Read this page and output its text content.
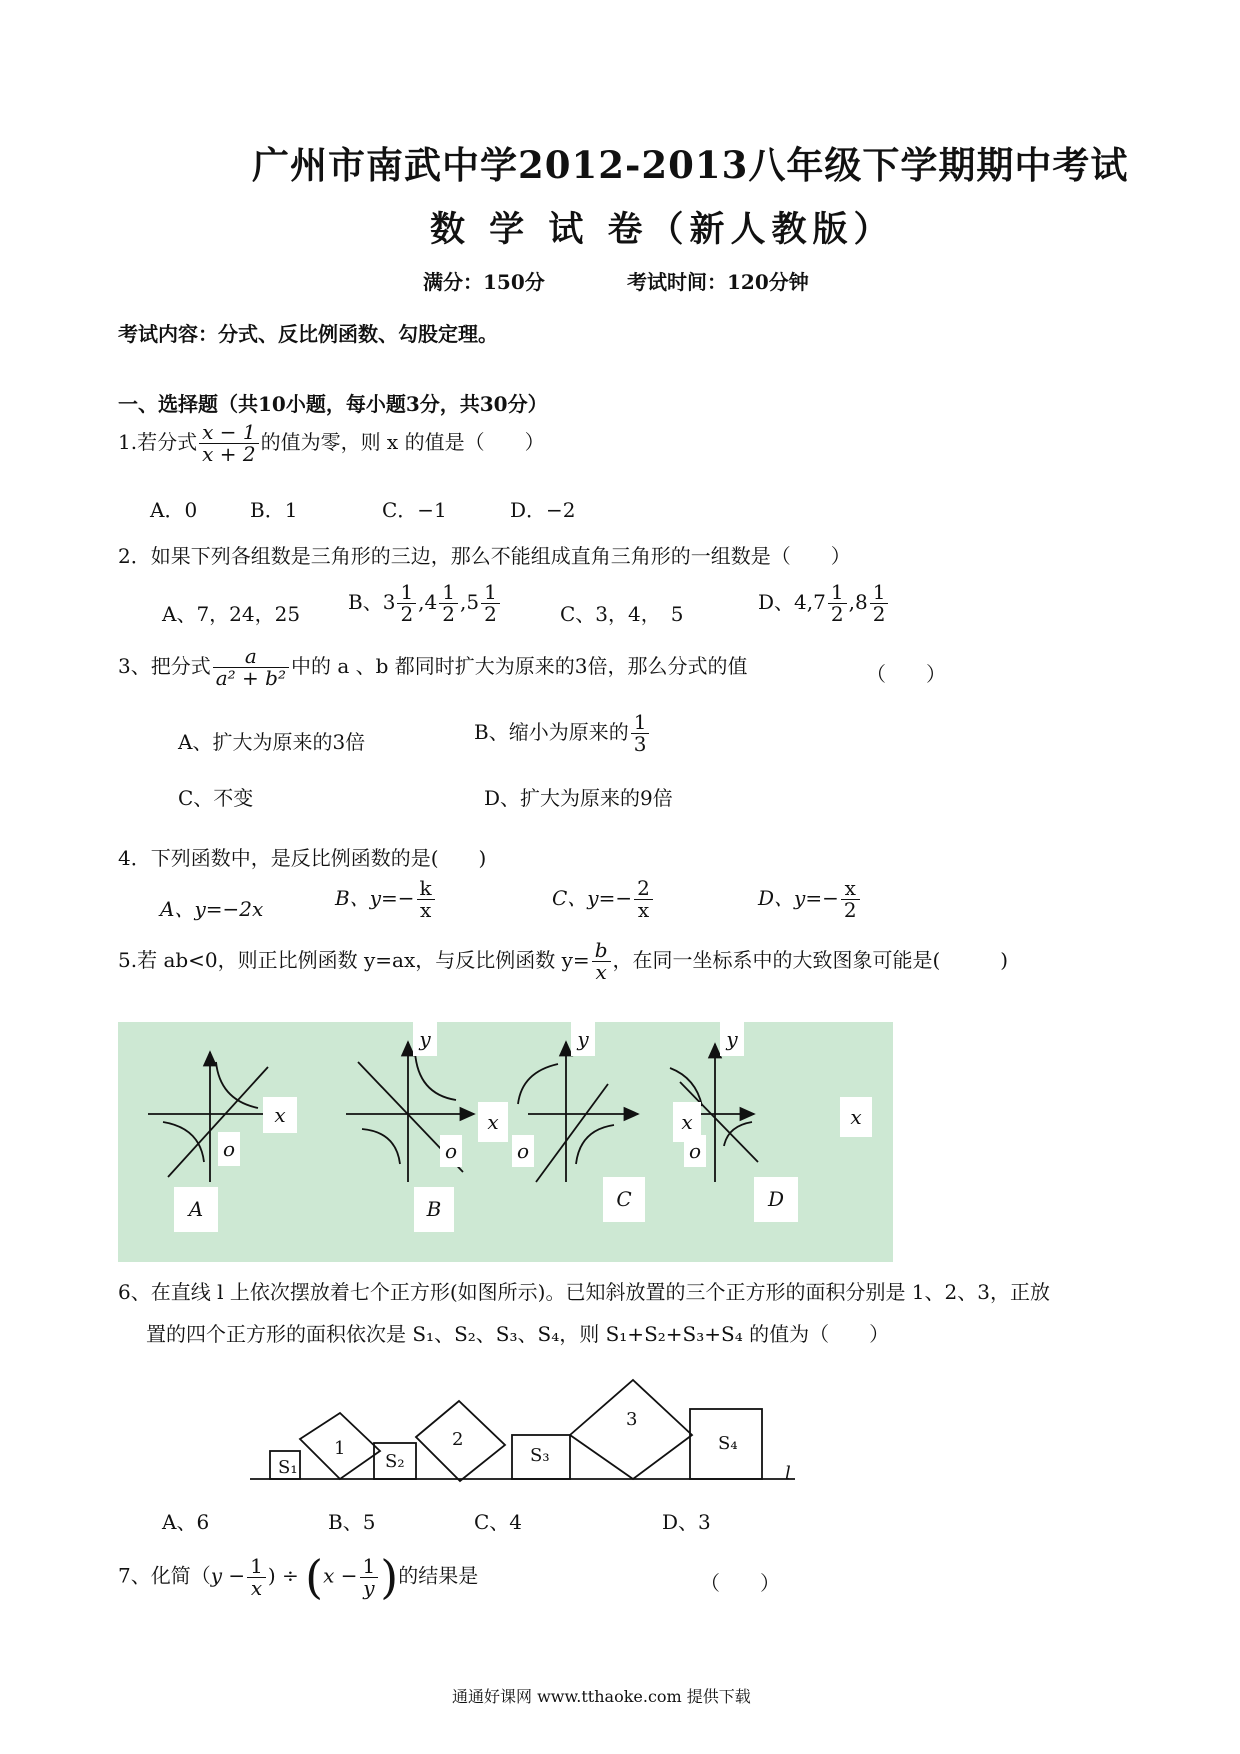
广州市南武中学2012-2013八年级下学期期中考试
数 学 试 卷（新人教版）
满分：150分	考试时间：120分钟
考试内容：分式、反比例函数、勾股定理。
一、选择题（共10小题，每小题3分，共30分）
1.若分式 $\frac{x - 1}{x + 2}$ 的值为零，则 x 的值是（　　）
A．0	B．1	C．−1	D．−2
2．如果下列各组数是三角形的三边，那么不能组成直角三角形的一组数是（　　）
A、7，24，25 B、$3 \frac{1}{2} ,4 \frac{1}{2} ,5 \frac{1}{2}$	C、3，4，　5	D、$4,7 \frac{1}{2} ,8 \frac{1}{2}$
3、把分式 $\frac{a}{\text{a² + b²}}$ 中的 a 、b 都同时扩大为原来的3倍，那么分式的值	（　　）
A、扩大为原来的3倍	B、缩小为原来的 $\frac{1}{3}$
C、不变	D、扩大为原来的9倍
4．下列函数中，是反比例函数的是(　　)
A、y=−2x	B、$y=- \frac{k}{x}$	C、$y=- \frac{2}{x}$	D、$y=- \frac{x}{2}$
5.若 ab<0，则正比例函数 y=ax，与反比例函数 $y= \frac{b}{x}$ ，在同一坐标系中的大致图象可能是(　　　)
x
o
A
y
x
o
B
y
x
o
C
y
x
o
D
6、在直线 l 上依次摆放着七个正方形(如图所示)。已知斜放置的三个正方形的面积分别是 1、2、3，正放
置的四个正方形的面积依次是 S₁、S₂、S₃、S₄，则 S₁+S₂+S₃+S₄ 的值为（　　）
S₁
1
S₂
2
S₃
3
S₄
l
A、6	B、5	C、4	D、3
7、化简（$y - \frac{1}{x}$ ) ÷ ($x - \frac{1}{y}$ )的结果是	（　　）
通通好课网 www.tthaoke.com 提供下载
